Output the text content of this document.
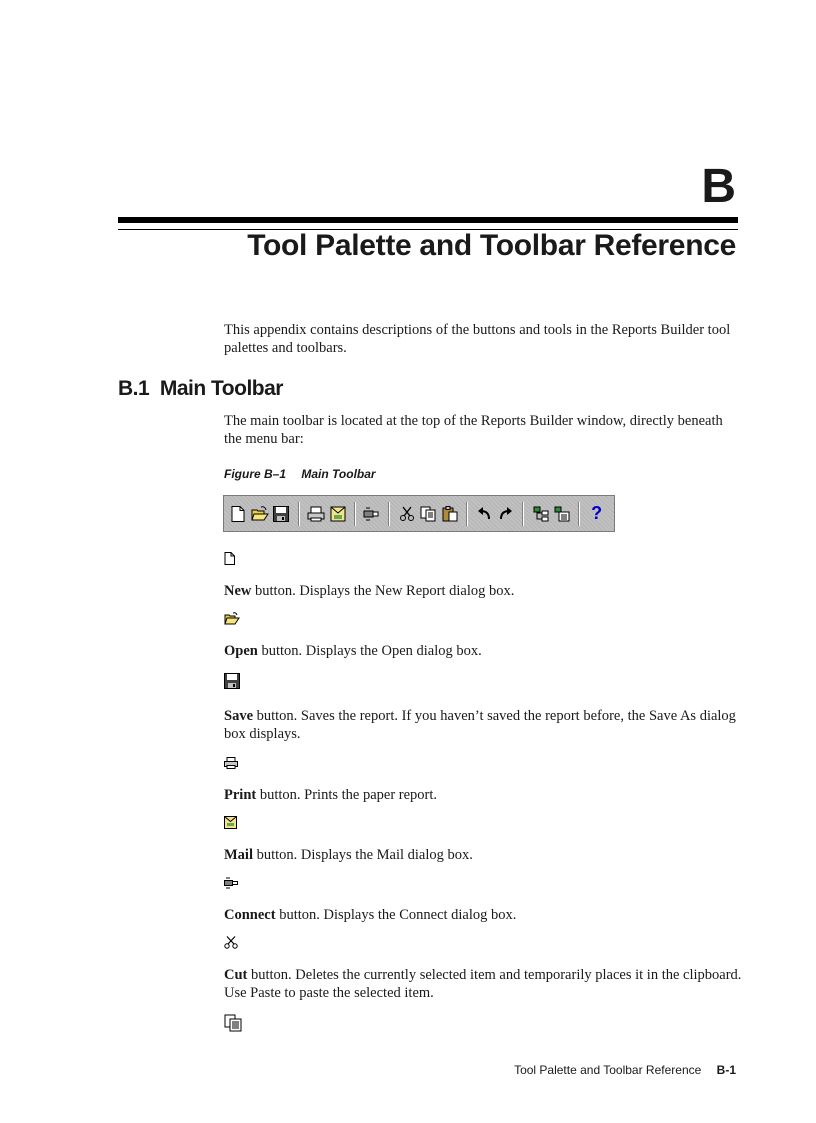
B
Tool Palette and Toolbar Reference

This appendix contains descriptions of the buttons and tools in the Reports Builder tool palettes and toolbars.

B.1 Main Toolbar

The main toolbar is located at the top of the Reports Builder window, directly beneath the menu bar:

Figure B–1 Main Toolbar

?

New button. Displays the New Report dialog box.

Open button. Displays the Open dialog box.

Save button. Saves the report. If you haven’t saved the report before, the Save As dialog box displays.

Print button. Prints the paper report.

Mail button. Displays the Mail dialog box.

Connect button. Displays the Connect dialog box.

Cut button. Deletes the currently selected item and temporarily places it in the clipboard. Use Paste to paste the selected item.

Tool Palette and Toolbar Reference B-1
